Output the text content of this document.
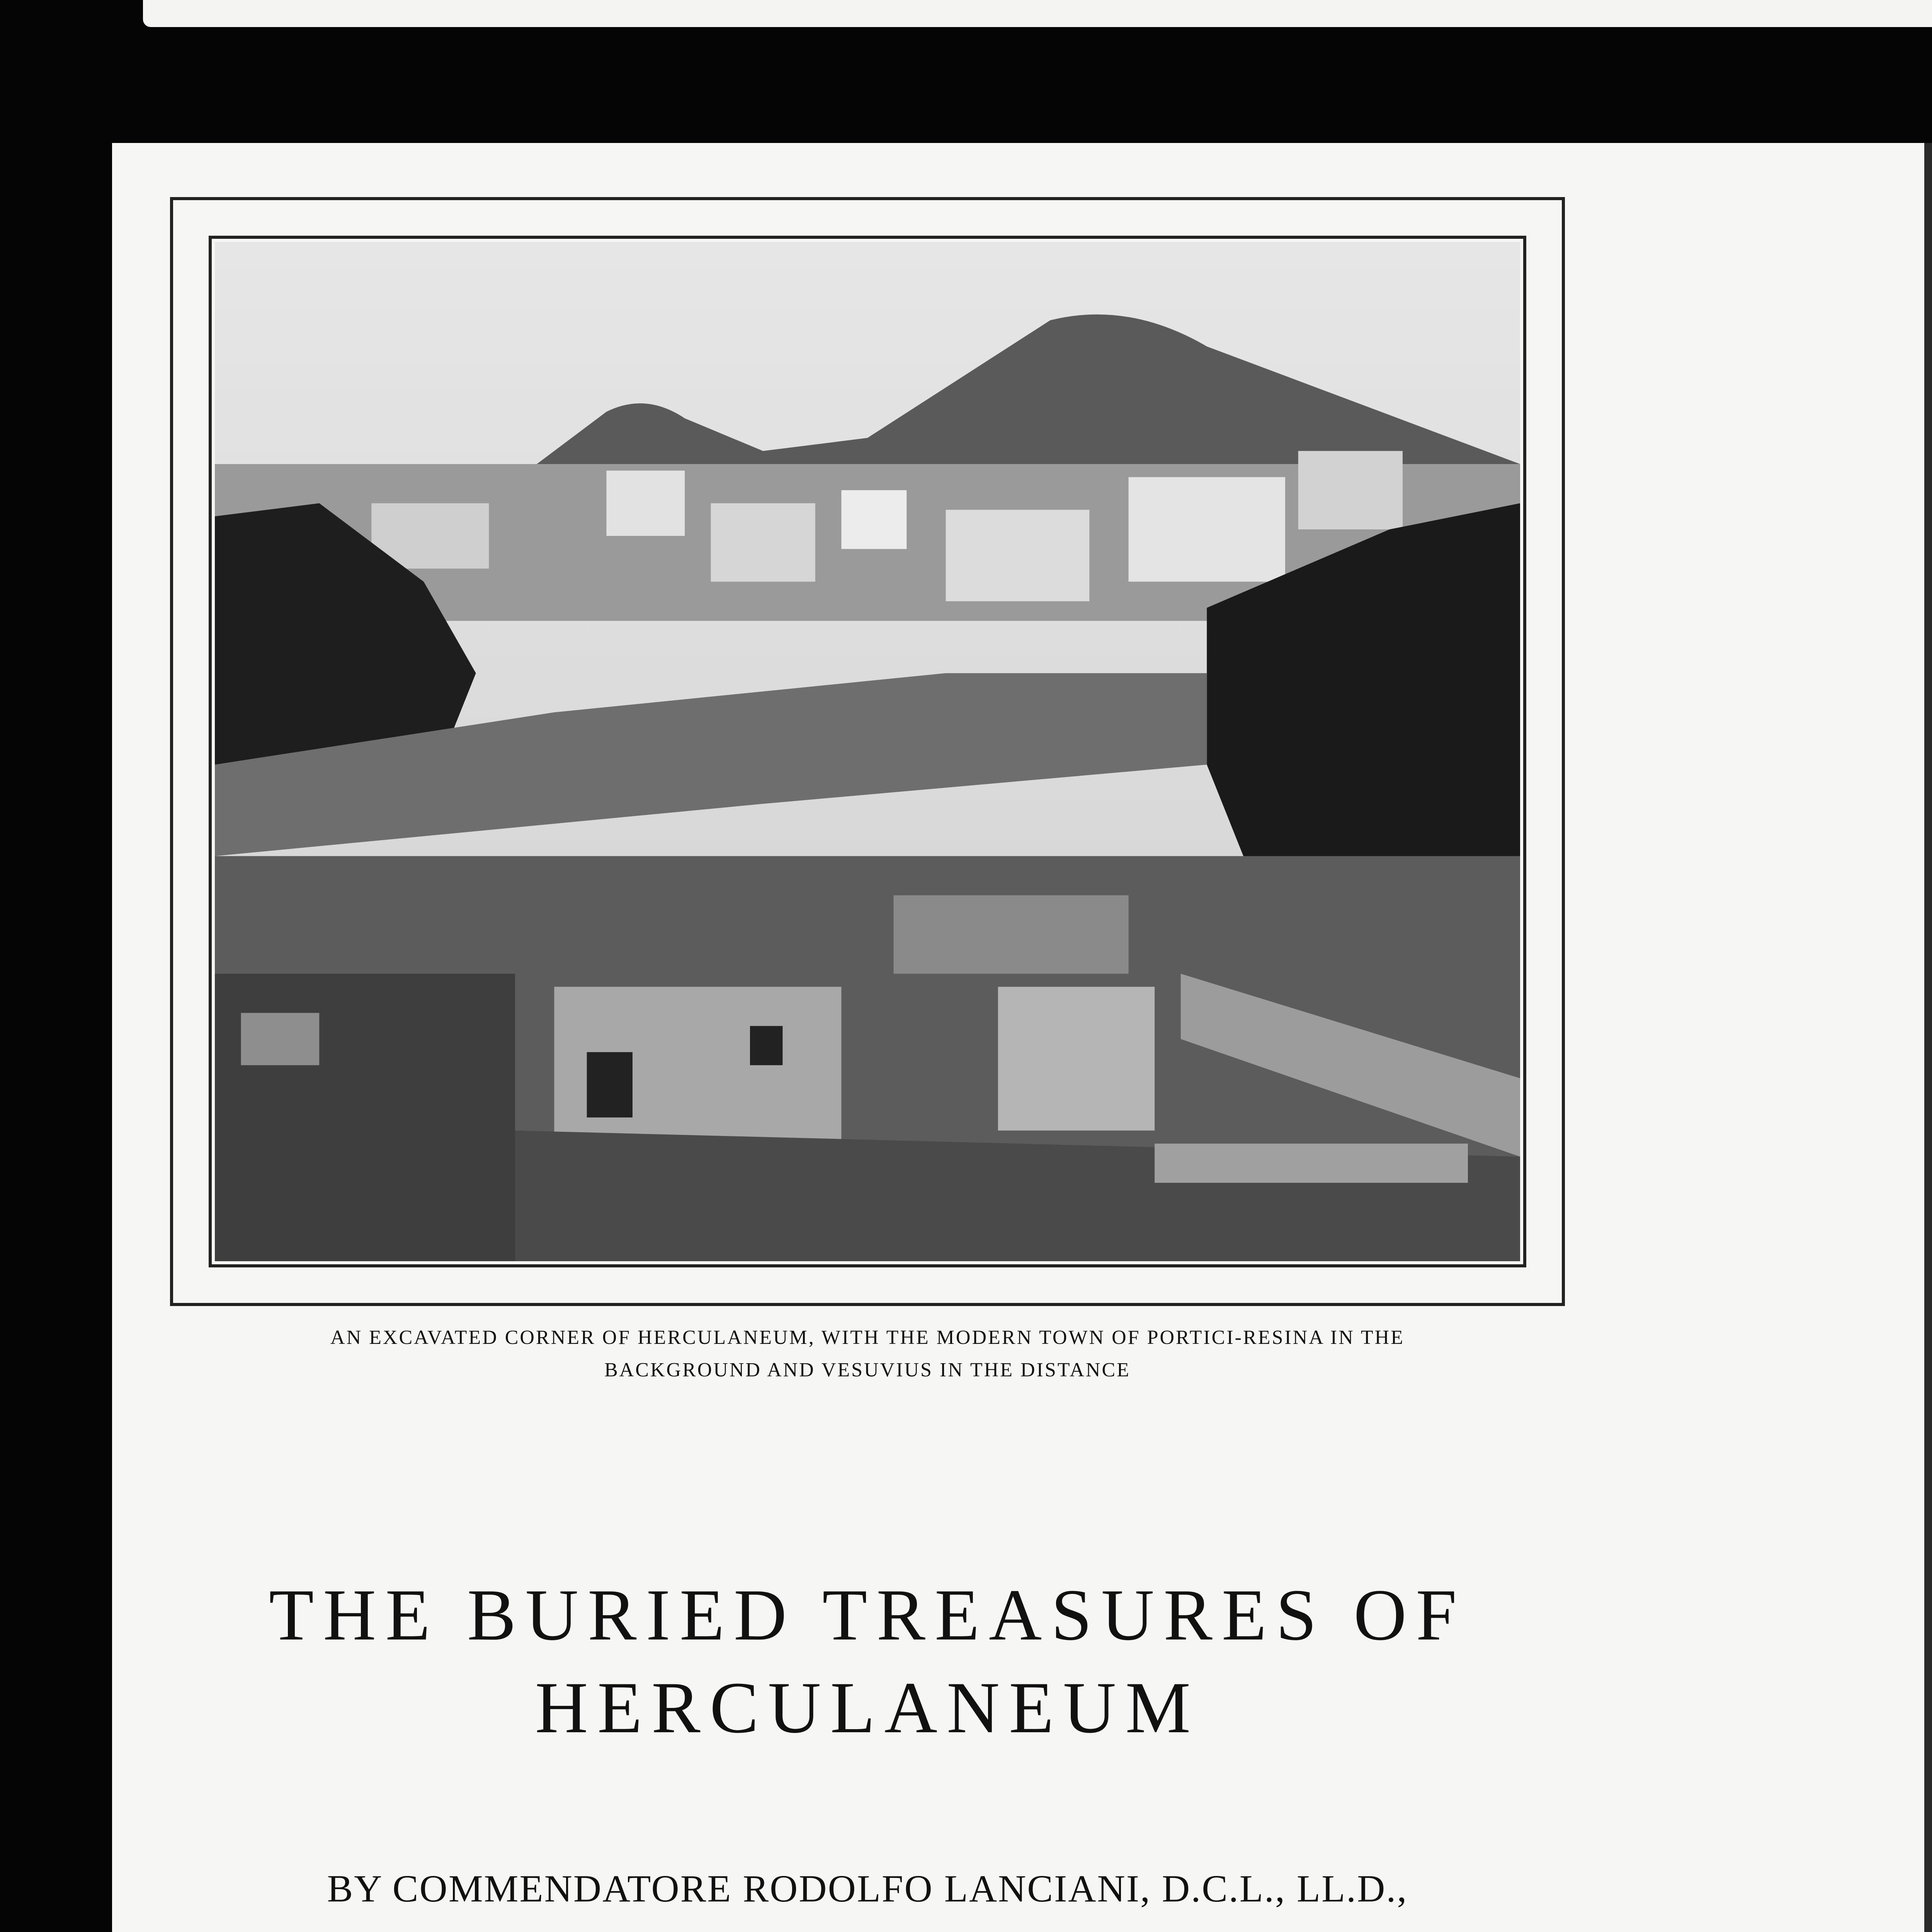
AN EXCAVATED CORNER OF HERCULANEUM, WITH THE MODERN TOWN OF PORTICI-RESINA IN THE
BACKGROUND AND VESUVIUS IN THE DISTANCE
THE BURIED TREASURES OF
HERCULANEUM
BY COMMENDATORE RODOLFO LANCIANI, D.C.L., LL.D.,
